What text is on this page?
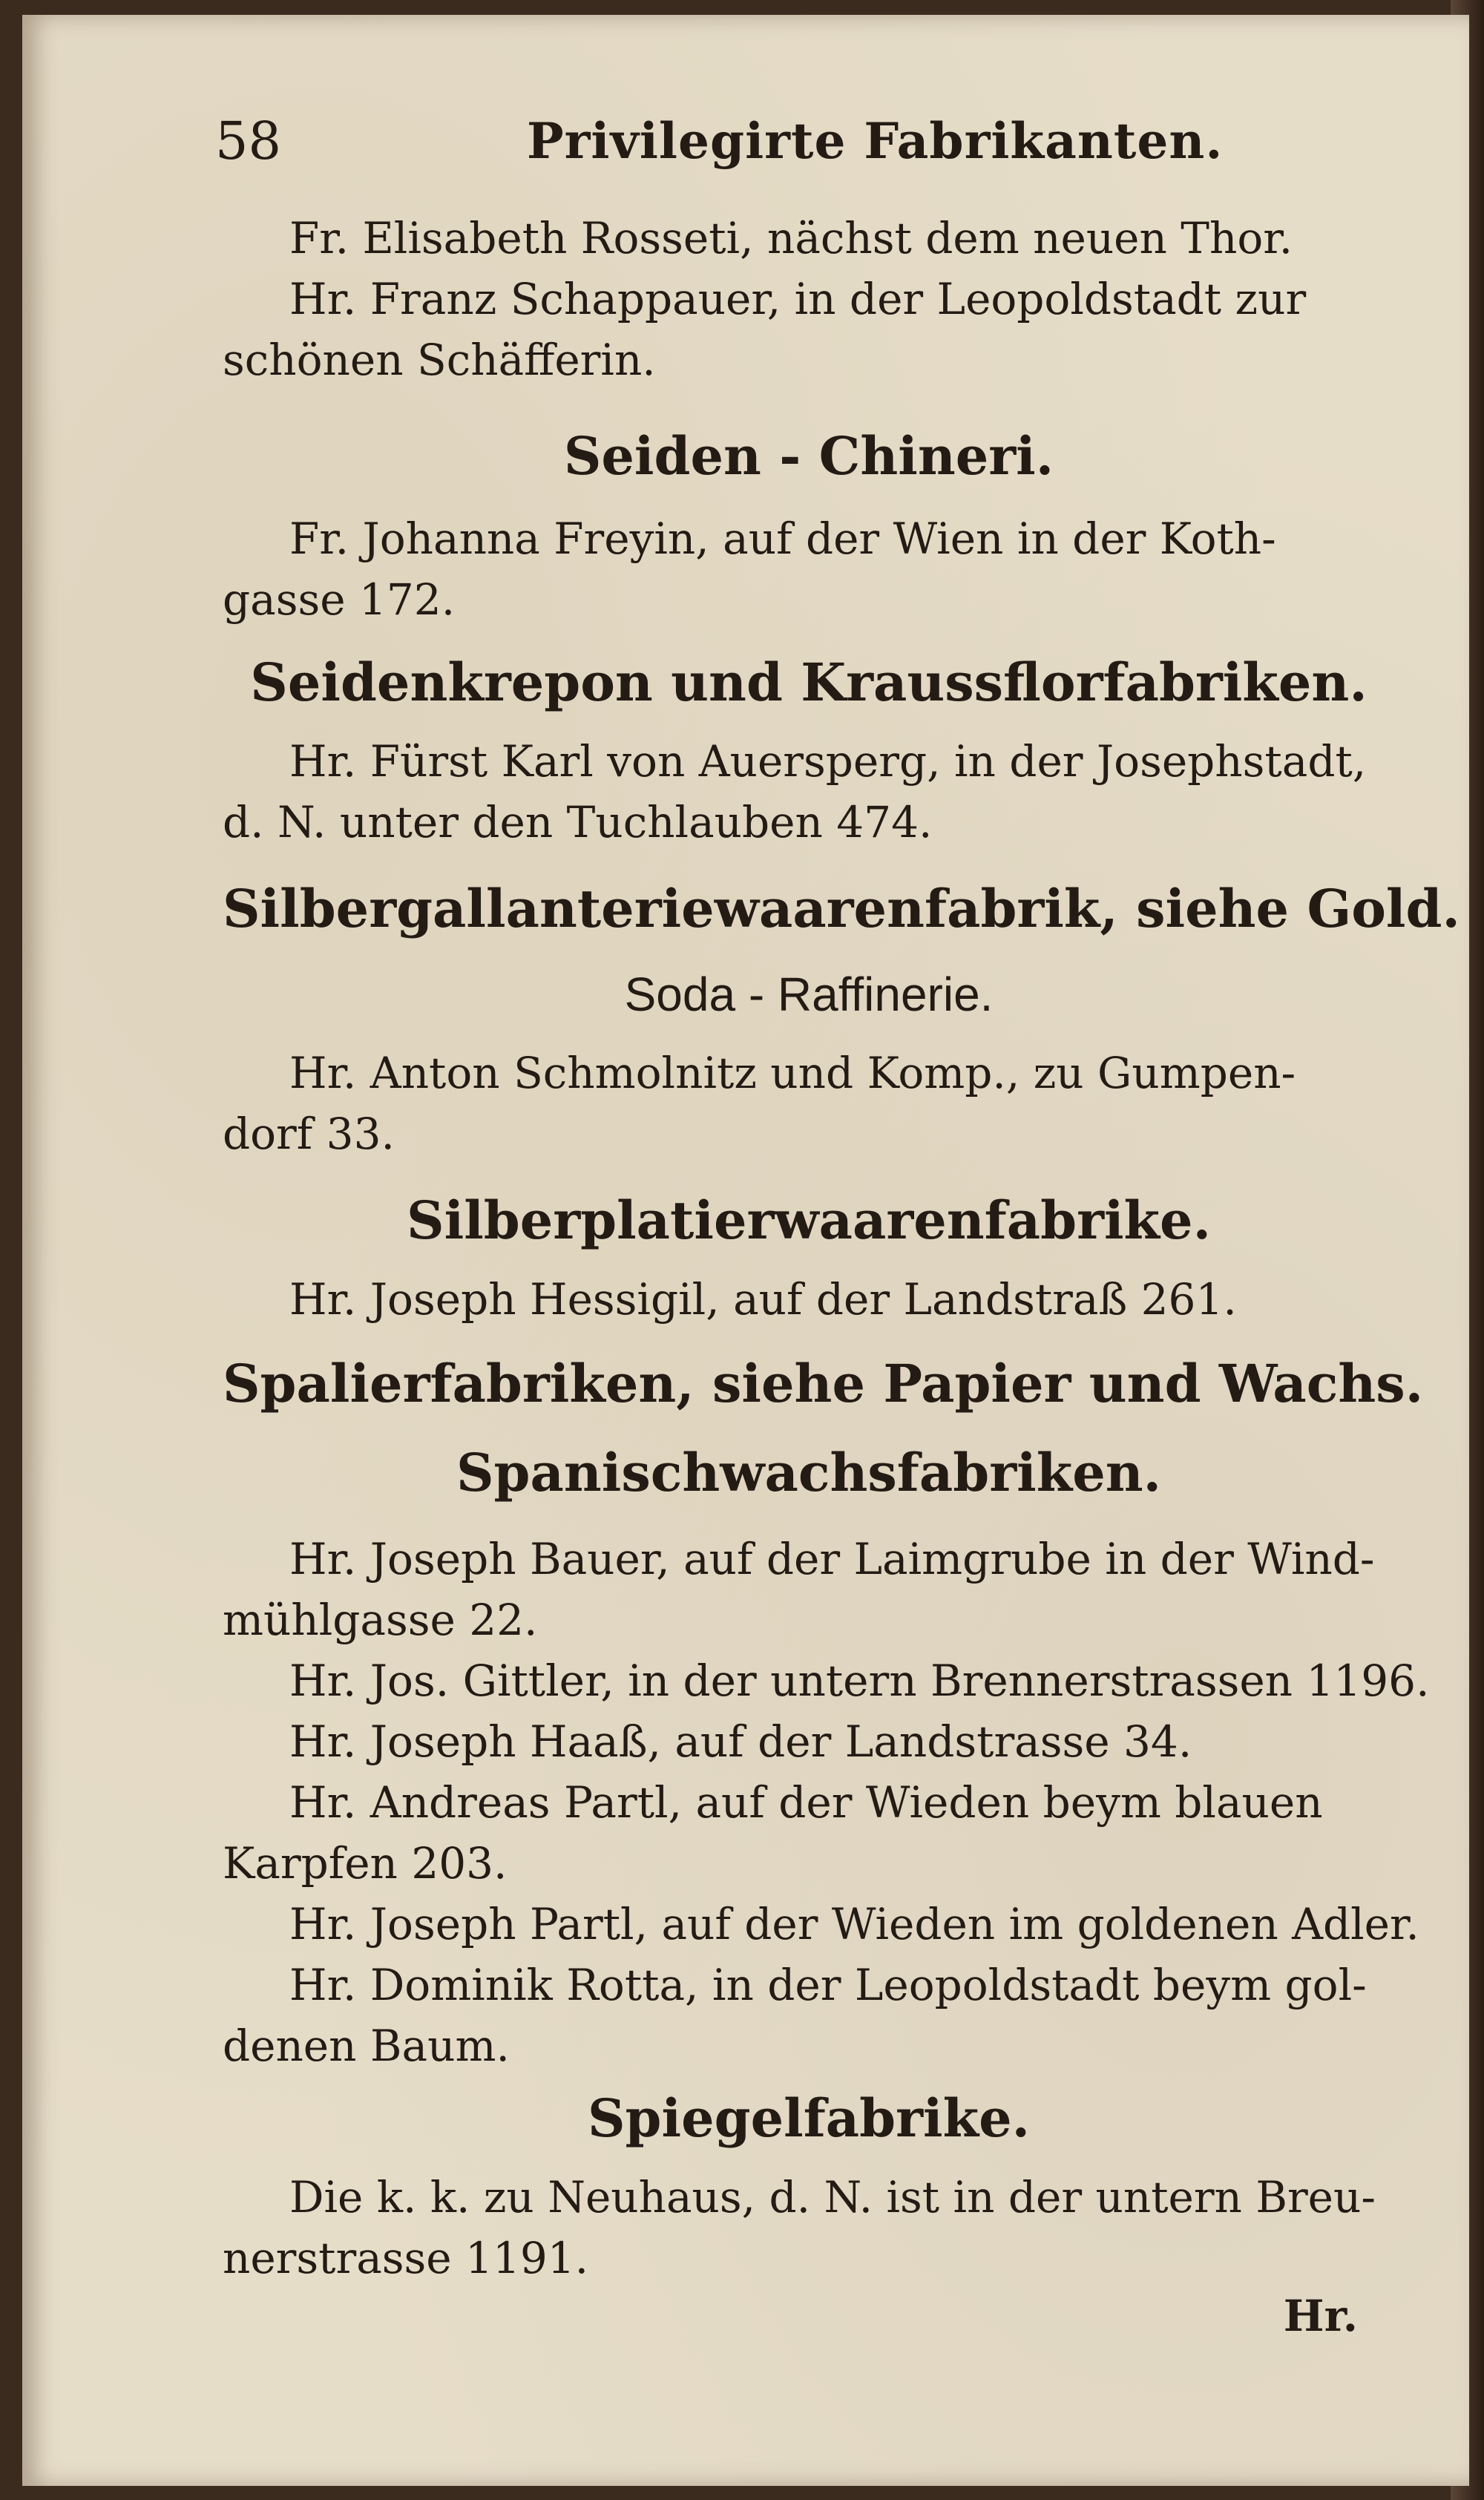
58	Privilegirte Fabrikanten.
Fr. Elisabeth Rosseti, nächst dem neuen Thor.
Hr. Franz Schappauer, in der Leopoldstadt zur
schönen Schäfferin.
Seiden - Chineri.
Fr. Johanna Freyin, auf der Wien in der Koth-
gasse 172.
Seidenkrepon und Kraussflorfabriken.
Hr. Fürst Karl von Auersperg, in der Josephstadt,
d. N. unter den Tuchlauben 474.
Silbergallanteriewaarenfabrik, siehe Gold.
Soda - Raffinerie.
Hr. Anton Schmolnitz und Komp., zu Gumpen-
dorf 33.
Silberplatierwaarenfabrike.
Hr. Joseph Hessigil, auf der Landstraß 261.
Spalierfabriken, siehe Papier und Wachs.
Spanischwachsfabriken.
Hr. Joseph Bauer, auf der Laimgrube in der Wind-
mühlgasse 22.
Hr. Jos. Gittler, in der untern Brennerstrassen 1196.
Hr. Joseph Haaß, auf der Landstrasse 34.
Hr. Andreas Partl, auf der Wieden beym blauen
Karpfen 203.
Hr. Joseph Partl, auf der Wieden im goldenen Adler.
Hr. Dominik Rotta, in der Leopoldstadt beym gol-
denen Baum.
Spiegelfabrike.
Die k. k. zu Neuhaus, d. N. ist in der untern Breu-
nerstrasse 1191.
Hr.
